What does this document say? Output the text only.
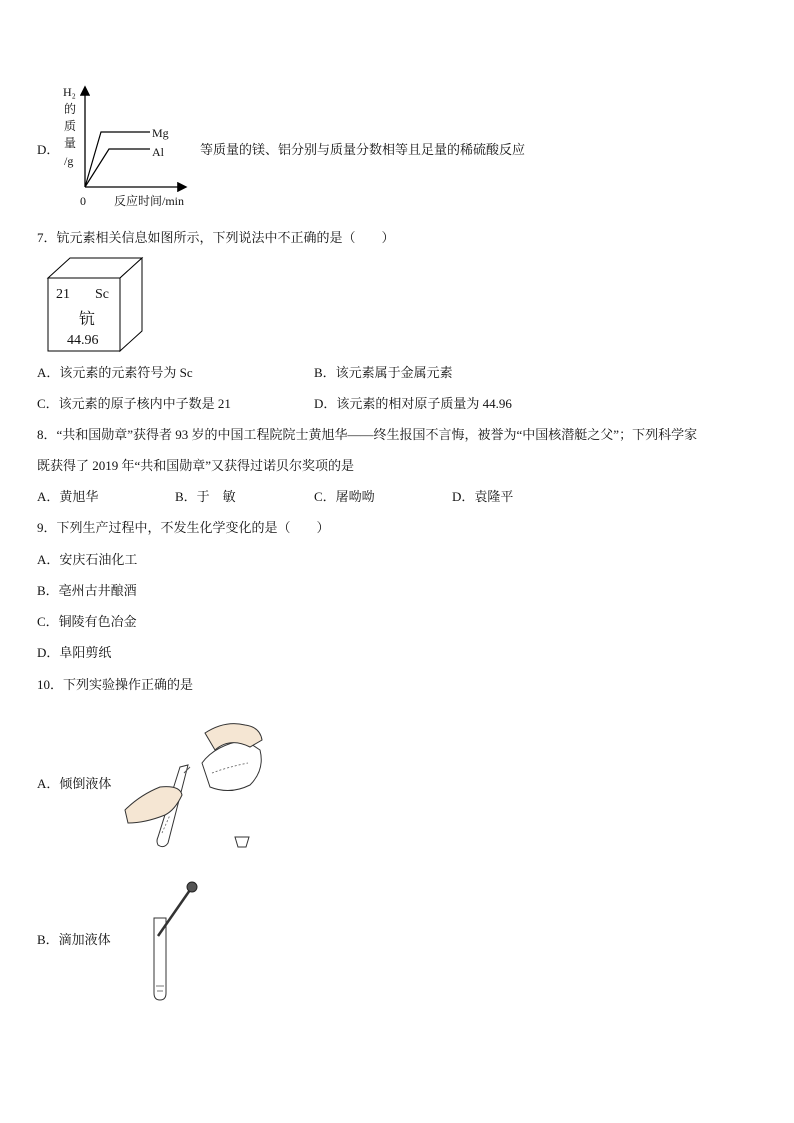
D．
H₂
的
质
量
/g
0 反应时间/min
Mg
Al	等质量的镁、铝分别与质量分数相等且足量的稀硫酸反应
7．钪元素相关信息如图所示，下列说法中不正确的是（　　）
21 Sc
钪
44.96
A．该元素的元素符号为 Sc	B．该元素属于金属元素
C．该元素的原子核内中子数是 21	D．该元素的相对原子质量为 44.96
8．“共和国勋章”获得者 93 岁的中国工程院院士黄旭华——终生报国不言悔，被誉为“中国核潜艇之父”；下列科学家
既获得了 2019 年“共和国勋章”又获得过诺贝尔奖项的是
A．黄旭华	B．于　敏	C．屠呦呦	D．袁隆平
9．下列生产过程中，不发生化学变化的是（　　）
A．安庆石油化工
B．亳州古井酿酒
C．铜陵有色冶金
D．阜阳剪纸
10．下列实验操作正确的是
A．倾倒液体
B．滴加液体
